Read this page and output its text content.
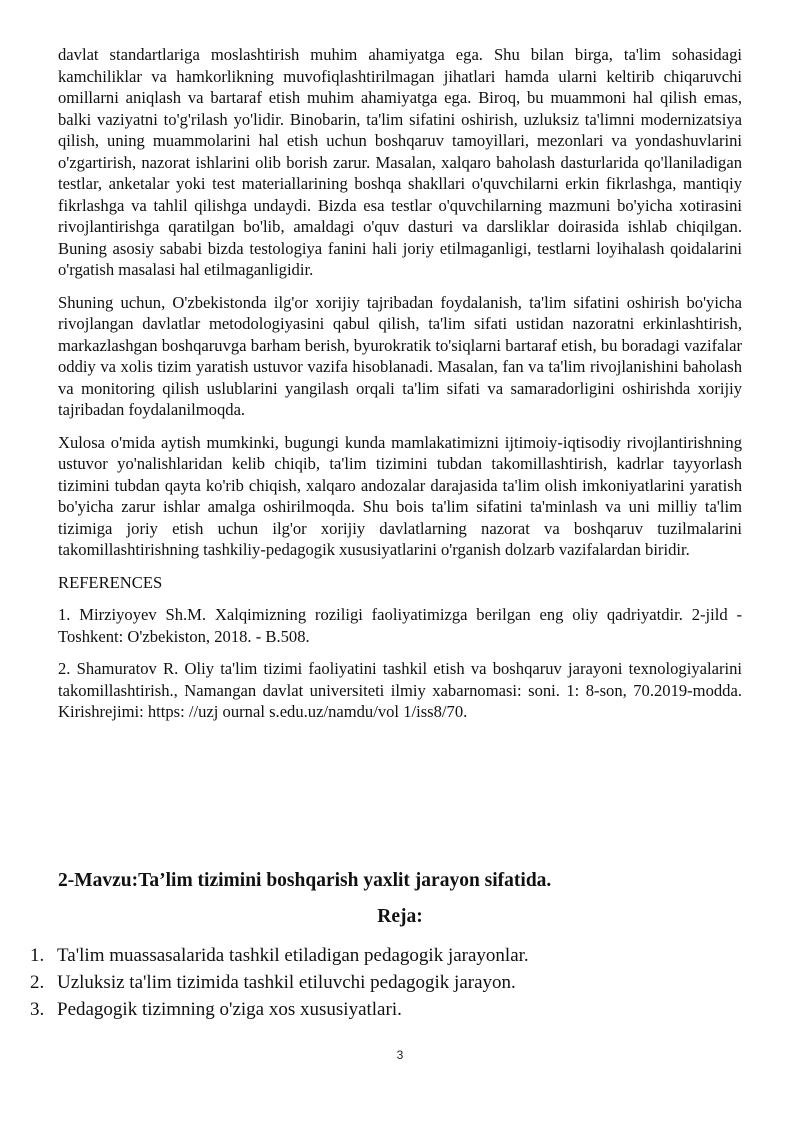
davlat standartlariga moslashtirish muhim ahamiyatga ega. Shu bilan birga, ta'lim sohasidagi kamchiliklar va hamkorlikning muvofiqlashtirilmagan jihatlari hamda ularni keltirib chiqaruvchi omillarni aniqlash va bartaraf etish muhim ahamiyatga ega. Biroq, bu muammoni hal qilish emas, balki vaziyatni to'g'rilash yo'lidir. Binobarin, ta'lim sifatini oshirish, uzluksiz ta'limni modernizatsiya qilish, uning muammolarini hal etish uchun boshqaruv tamoyillari, mezonlari va yondashuvlarini o'zgartirish, nazorat ishlarini olib borish zarur. Masalan, xalqaro baholash dasturlarida qo'llaniladigan testlar, anketalar yoki test materiallarining boshqa shakllari o'quvchilarni erkin fikrlashga, mantiqiy fikrlashga va tahlil qilishga undaydi. Bizda esa testlar o'quvchilarning mazmuni bo'yicha xotirasini rivojlantirishga qaratilgan bo'lib, amaldagi o'quv dasturi va darsliklar doirasida ishlab chiqilgan. Buning asosiy sababi bizda testologiya fanini hali joriy etilmaganligi, testlarni loyihalash qoidalarini o'rgatish masalasi hal etilmaganligidir.

Shuning uchun, O'zbekistonda ilg'or xorijiy tajribadan foydalanish, ta'lim sifatini oshirish bo'yicha rivojlangan davlatlar metodologiyasini qabul qilish, ta'lim sifati ustidan nazoratni erkinlashtirish, markazlashgan boshqaruvga barham berish, byurokratik to'siqlarni bartaraf etish, bu boradagi vazifalar oddiy va xolis tizim yaratish ustuvor vazifa hisoblanadi. Masalan, fan va ta'lim rivojlanishini baholash va monitoring qilish uslublarini yangilash orqali ta'lim sifati va samaradorligini oshirishda xorijiy tajribadan foydalanilmoqda.

Xulosa o'mida aytish mumkinki, bugungi kunda mamlakatimizni ijtimoiy-iqtisodiy rivojlantirishning ustuvor yo'nalishlaridan kelib chiqib, ta'lim tizimini tubdan takomillashtirish, kadrlar tayyorlash tizimini tubdan qayta ko'rib chiqish, xalqaro andozalar darajasida ta'lim olish imkoniyatlarini yaratish bo'yicha zarur ishlar amalga oshirilmoqda. Shu bois ta'lim sifatini ta'minlash va uni milliy ta'lim tizimiga joriy etish uchun ilg'or xorijiy davlatlarning nazorat va boshqaruv tuzilmalarini takomillashtirishning tashkiliy-pedagogik xususiyatlarini o'rganish dolzarb vazifalardan biridir.

REFERENCES

1. Mirziyoyev Sh.M. Xalqimizning roziligi faoliyatimizga berilgan eng oliy qadriyatdir. 2-jild - Toshkent: O'zbekiston, 2018. - B.508.

2. Shamuratov R. Oliy ta'lim tizimi faoliyatini tashkil etish va boshqaruv jarayoni texnologiyalarini takomillashtirish., Namangan davlat universiteti ilmiy xabarnomasi: soni. 1: 8-son, 70.2019-modda. Kirishrejimi: https: //uzj ournal s.edu.uz/namdu/vol 1/iss8/70.

2-Mavzu:Ta’lim tizimini boshqarish yaxlit jarayon sifatida.
Reja:
1. Ta'lim muassasalarida tashkil etiladigan pedagogik jarayonlar.
2. Uzluksiz ta'lim tizimida tashkil etiluvchi pedagogik jarayon.
3. Pedagogik tizimning o'ziga xos xususiyatlari.
3
